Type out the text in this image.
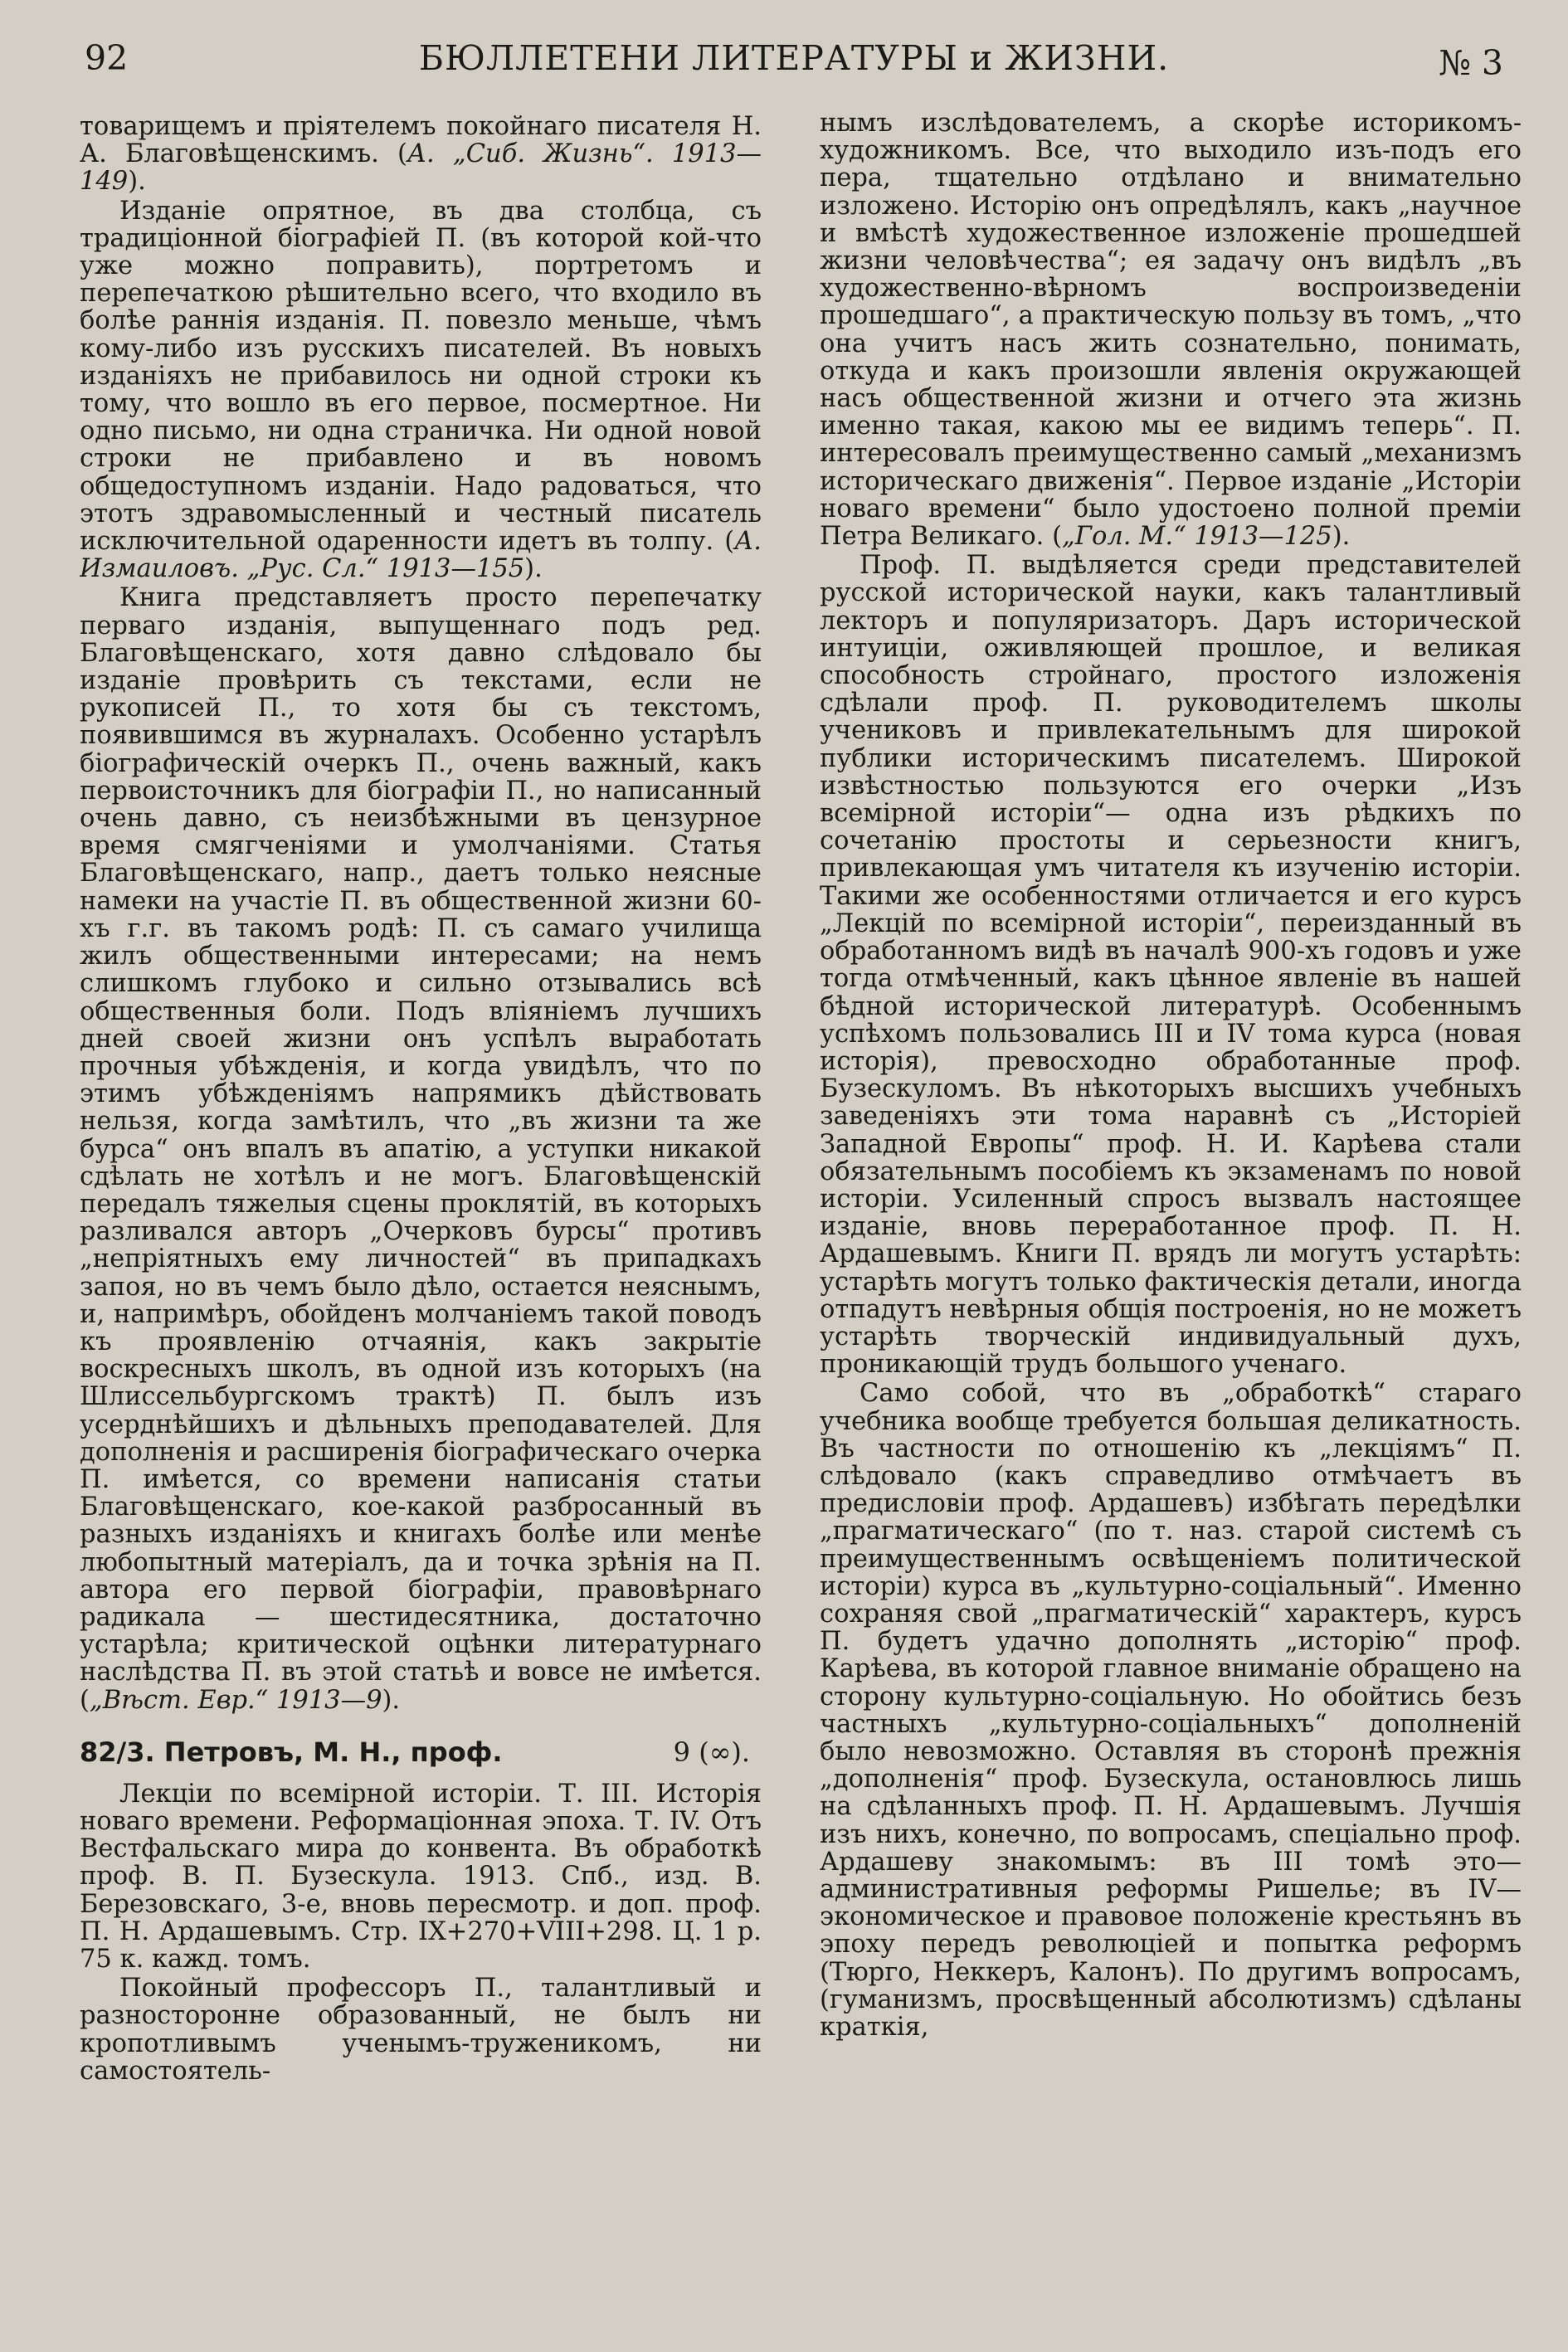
92	БЮЛЛЕТЕНИ ЛИТЕРАТУРЫ и ЖИЗНИ.	№ 3

товарищемъ и пріятелемъ покойнаго писателя Н. А. Благовѣщенскимъ. (А. „Сиб. Жизнь“. 1913—149).

Изданіе опрятное, въ два столбца, съ традиціонной біографіей П. (въ которой кой-что уже можно поправить), портретомъ и перепечаткою рѣшительно всего, что входило въ болѣе раннія изданія. П. повезло меньше, чѣмъ кому-либо изъ русскихъ писателей. Въ новыхъ изданіяхъ не прибавилось ни одной строки къ тому, что вошло въ его первое, посмертное. Ни одно письмо, ни одна страничка. Ни одной новой строки не прибавлено и въ новомъ общедоступномъ изданіи. Надо радоваться, что этотъ здравомысленный и честный писатель исключительной одаренности идетъ въ толпу. (А. Измаиловъ. „Рус. Сл.“ 1913—155).

Книга представляетъ просто перепечатку перваго изданія, выпущеннаго подъ ред. Благовѣщенскаго, хотя давно слѣдовало бы изданіе провѣрить съ текстами, если не рукописей П., то хотя бы съ текстомъ, появившимся въ журналахъ. Особенно устарѣлъ біографическій очеркъ П., очень важный, какъ первоисточникъ для біографіи П., но написанный очень давно, съ неизбѣжными въ цензурное время смягченіями и умолчаніями. Статья Благовѣщенскаго, напр., даетъ только неясные намеки на участіе П. въ общественной жизни 60-хъ г.г. въ такомъ родѣ: П. съ самаго училища жилъ общественными интересами; на немъ слишкомъ глубоко и сильно отзывались всѣ общественныя боли. Подъ вліяніемъ лучшихъ дней своей жизни онъ успѣлъ выработать прочныя убѣжденія, и когда увидѣлъ, что по этимъ убѣжденіямъ напрямикъ дѣйствовать нельзя, когда замѣтилъ, что „въ жизни та же бурса“ онъ впалъ въ апатію, а уступки никакой сдѣлать не хотѣлъ и не могъ. Благовѣщенскій передалъ тяжелыя сцены проклятій, въ которыхъ разливался авторъ „Очерковъ бурсы“ противъ „непріятныхъ ему личностей“ въ припадкахъ запоя, но въ чемъ было дѣло, остается неяснымъ, и, напримѣръ, обойденъ молчаніемъ такой поводъ къ проявленію отчаянія, какъ закрытіе воскресныхъ школъ, въ одной изъ которыхъ (на Шлиссельбургскомъ трактѣ) П. былъ изъ усерднѣйшихъ и дѣльныхъ преподавателей. Для дополненія и расширенія біографическаго очерка П. имѣется, со времени написанія статьи Благовѣщенскаго, кое-какой разбросанный въ разныхъ изданіяхъ и книгахъ болѣе или менѣе любопытный матеріалъ, да и точка зрѣнія на П. автора его первой біографіи, правовѣрнаго радикала — шестидесятника, достаточно устарѣла; критической оцѣнки литературнаго наслѣдства П. въ этой статьѣ и вовсе не имѣется. („Вѣст. Евр.“ 1913—9).

82/3. Петровъ, М. Н., проф.	9 (∞).

Лекціи по всемірной исторіи. Т. III. Исторія новаго времени. Реформаціонная эпоха. Т. IV. Отъ Вестфальскаго мира до конвента. Въ обработкѣ проф. В. П. Бузескула. 1913. Спб., изд. В. Березовскаго, 3-е, вновь пересмотр. и доп. проф. П. Н. Ардашевымъ. Стр. IX+270+VIII+298. Ц. 1 р. 75 к. кажд. томъ.

Покойный профессоръ П., талантливый и разносторонне образованный, не былъ ни кропотливымъ ученымъ-труженикомъ, ни самостоятель-

нымъ изслѣдователемъ, а скорѣе историкомъ-художникомъ. Все, что выходило изъ-подъ его пера, тщательно отдѣлано и внимательно изложено. Исторію онъ опредѣлялъ, какъ „научное и вмѣстѣ художественное изложеніе прошедшей жизни человѣчества“; ея задачу онъ видѣлъ „въ художественно-вѣрномъ воспроизведеніи прошедшаго“, а практическую пользу въ томъ, „что она учитъ насъ жить сознательно, понимать, откуда и какъ произошли явленія окружающей насъ общественной жизни и отчего эта жизнь именно такая, какою мы ее видимъ теперь“. П. интересовалъ преимущественно самый „механизмъ историческаго движенія“. Первое изданіе „Исторіи новаго времени“ было удостоено полной преміи Петра Великаго. („Гол. М.“ 1913—125).

Проф. П. выдѣляется среди представителей русской исторической науки, какъ талантливый лекторъ и популяризаторъ. Даръ исторической интуиціи, оживляющей прошлое, и великая способность стройнаго, простого изложенія сдѣлали проф. П. руководителемъ школы учениковъ и привлекательнымъ для широкой публики историческимъ писателемъ. Широкой извѣстностью пользуются его очерки „Изъ всемірной исторіи“— одна изъ рѣдкихъ по сочетанію простоты и серьезности книгъ, привлекающая умъ читателя къ изученію исторіи. Такими же особенностями отличается и его курсъ „Лекцій по всемірной исторіи“, переизданный въ обработанномъ видѣ въ началѣ 900-хъ годовъ и уже тогда отмѣченный, какъ цѣнное явленіе въ нашей бѣдной исторической литературѣ. Особеннымъ успѣхомъ пользовались III и IV тома курса (новая исторія), превосходно обработанные проф. Бузескуломъ. Въ нѣкоторыхъ высшихъ учебныхъ заведеніяхъ эти тома наравнѣ съ „Исторіей Западной Европы“ проф. Н. И. Карѣева стали обязательнымъ пособіемъ къ экзаменамъ по новой исторіи. Усиленный спросъ вызвалъ настоящее изданіе, вновь переработанное проф. П. Н. Ардашевымъ. Книги П. врядъ ли могутъ устарѣть: устарѣть могутъ только фактическія детали, иногда отпадутъ невѣрныя общія построенія, но не можетъ устарѣть творческій индивидуальный духъ, проникающій трудъ большого ученаго.

Само собой, что въ „обработкѣ“ стараго учебника вообще требуется большая деликатность. Въ частности по отношенію къ „лекціямъ“ П. слѣдовало (какъ справедливо отмѣчаетъ въ предисловіи проф. Ардашевъ) избѣгать передѣлки „прагматическаго“ (по т. наз. старой системѣ съ преимущественнымъ освѣщеніемъ политической исторіи) курса въ „культурно-соціальный“. Именно сохраняя свой „прагматическій“ характеръ, курсъ П. будетъ удачно дополнять „исторію“ проф. Карѣева, въ которой главное вниманіе обращено на сторону культурно-соціальную. Но обойтись безъ частныхъ „культурно-соціальныхъ“ дополненій было невозможно. Оставляя въ сторонѣ прежнія „дополненія“ проф. Бузескула, остановлюсь лишь на сдѣланныхъ проф. П. Н. Ардашевымъ. Лучшія изъ нихъ, конечно, по вопросамъ, спеціально проф. Ардашеву знакомымъ: въ III томѣ это—административныя реформы Ришелье; въ IV—экономическое и правовое положеніе крестьянъ въ эпоху передъ революціей и попытка реформъ (Тюрго, Неккеръ, Калонъ). По другимъ вопросамъ, (гуманизмъ, просвѣщенный абсолютизмъ) сдѣланы краткія,
